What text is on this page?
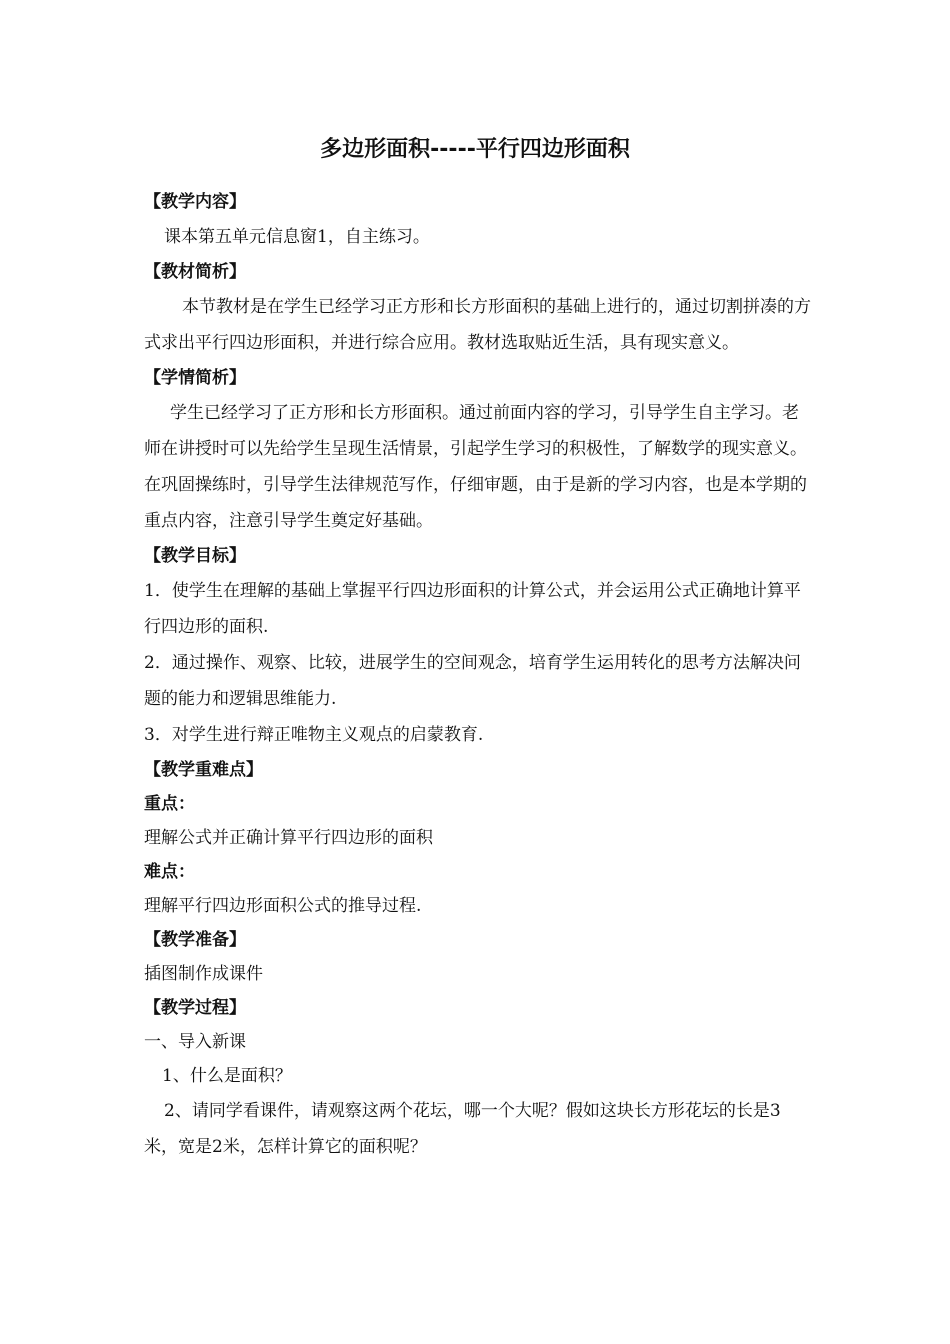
多边形面积-----平行四边形面积
【教学内容】

课本第五单元信息窗1，自主练习。

【教材简析】

本节教材是在学生已经学习正方形和长方形面积的基础上进行的，通过切割拼凑的方式求出平行四边形面积，并进行综合应用。教材选取贴近生活，具有现实意义。

【学情简析】

学生已经学习了正方形和长方形面积。通过前面内容的学习，引导学生自主学习。老师在讲授时可以先给学生呈现生活情景，引起学生学习的积极性，了解数学的现实意义。在巩固操练时，引导学生法律规范写作，仔细审题，由于是新的学习内容，也是本学期的重点内容，注意引导学生奠定好基础。

【教学目标】

1．使学生在理解的基础上掌握平行四边形面积的计算公式，并会运用公式正确地计算平行四边形的面积.

2．通过操作、观察、比较，进展学生的空间观念，培育学生运用转化的思考方法解决问题的能力和逻辑思维能力.

3．对学生进行辩正唯物主义观点的启蒙教育.

【教学重难点】

重点：

理解公式并正确计算平行四边形的面积

难点：

理解平行四边形面积公式的推导过程.

【教学准备】

插图制作成课件

【教学过程】

一、导入新课

1、什么是面积？

2、请同学看课件，请观察这两个花坛，哪一个大呢？假如这块长方形花坛的长是3米，宽是2米，怎样计算它的面积呢？
